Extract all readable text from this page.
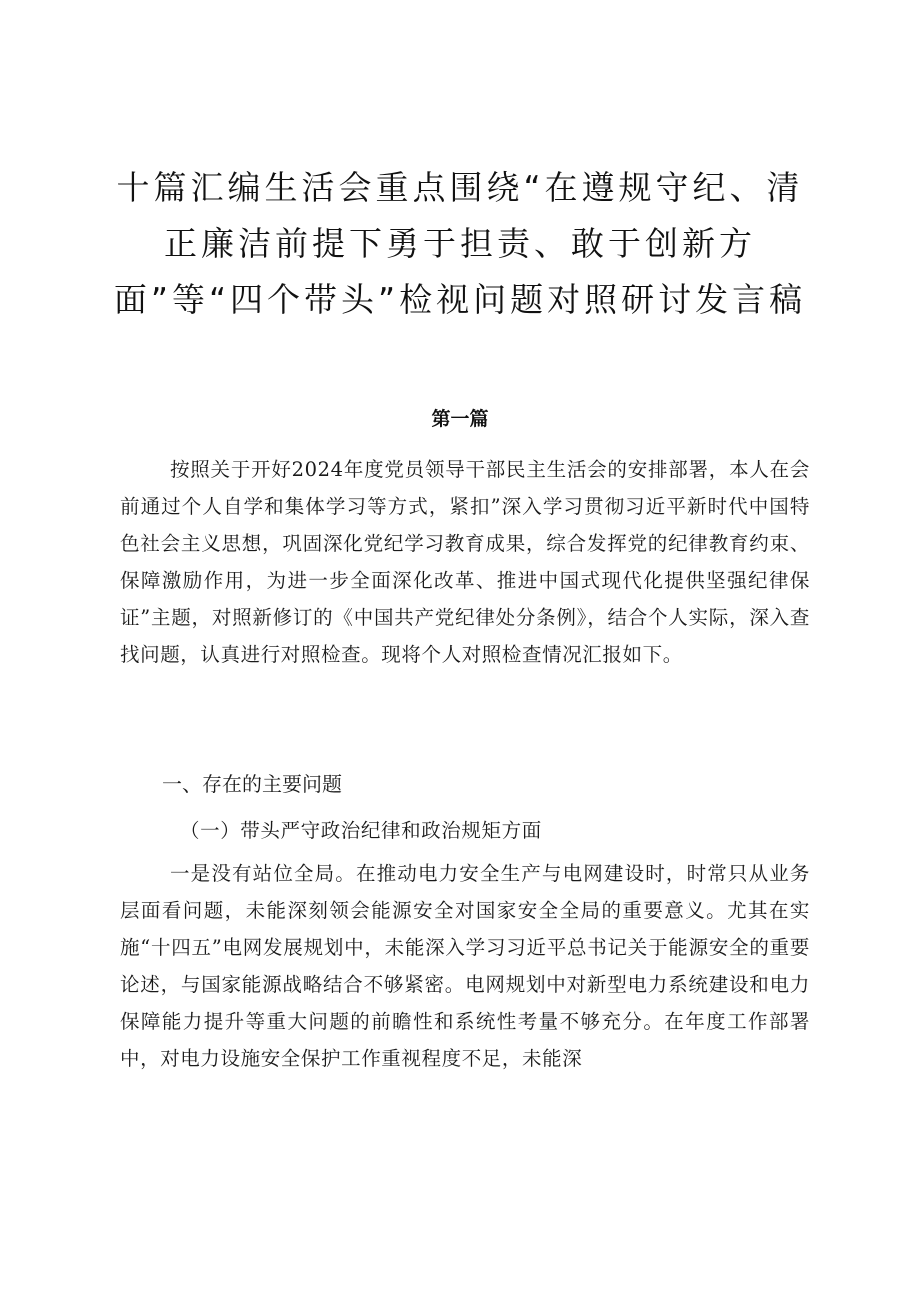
十篇汇编生活会重点围绕“在遵规守纪、清正廉洁前提下勇于担责、敢于创新方面”等“四个带头”检视问题对照研讨发言稿
第一篇
按照关于开好2024年度党员领导干部民主生活会的安排部署，本人在会前通过个人自学和集体学习等方式，紧扣”深入学习贯彻习近平新时代中国特色社会主义思想，巩固深化党纪学习教育成果，综合发挥党的纪律教育约束、保障激励作用，为进一步全面深化改革、推进中国式现代化提供坚强纪律保证”主题，对照新修订的《中国共产党纪律处分条例》，结合个人实际，深入查找问题，认真进行对照检查。现将个人对照检查情况汇报如下。
一、存在的主要问题
（一）带头严守政治纪律和政治规矩方面
一是没有站位全局。在推动电力安全生产与电网建设时，时常只从业务层面看问题，未能深刻领会能源安全对国家安全全局的重要意义。尤其在实施“十四五”电网发展规划中，未能深入学习习近平总书记关于能源安全的重要论述，与国家能源战略结合不够紧密。电网规划中对新型电力系统建设和电力保障能力提升等重大问题的前瞻性和系统性考量不够充分。在年度工作部署中，对电力设施安全保护工作重视程度不足，未能深
